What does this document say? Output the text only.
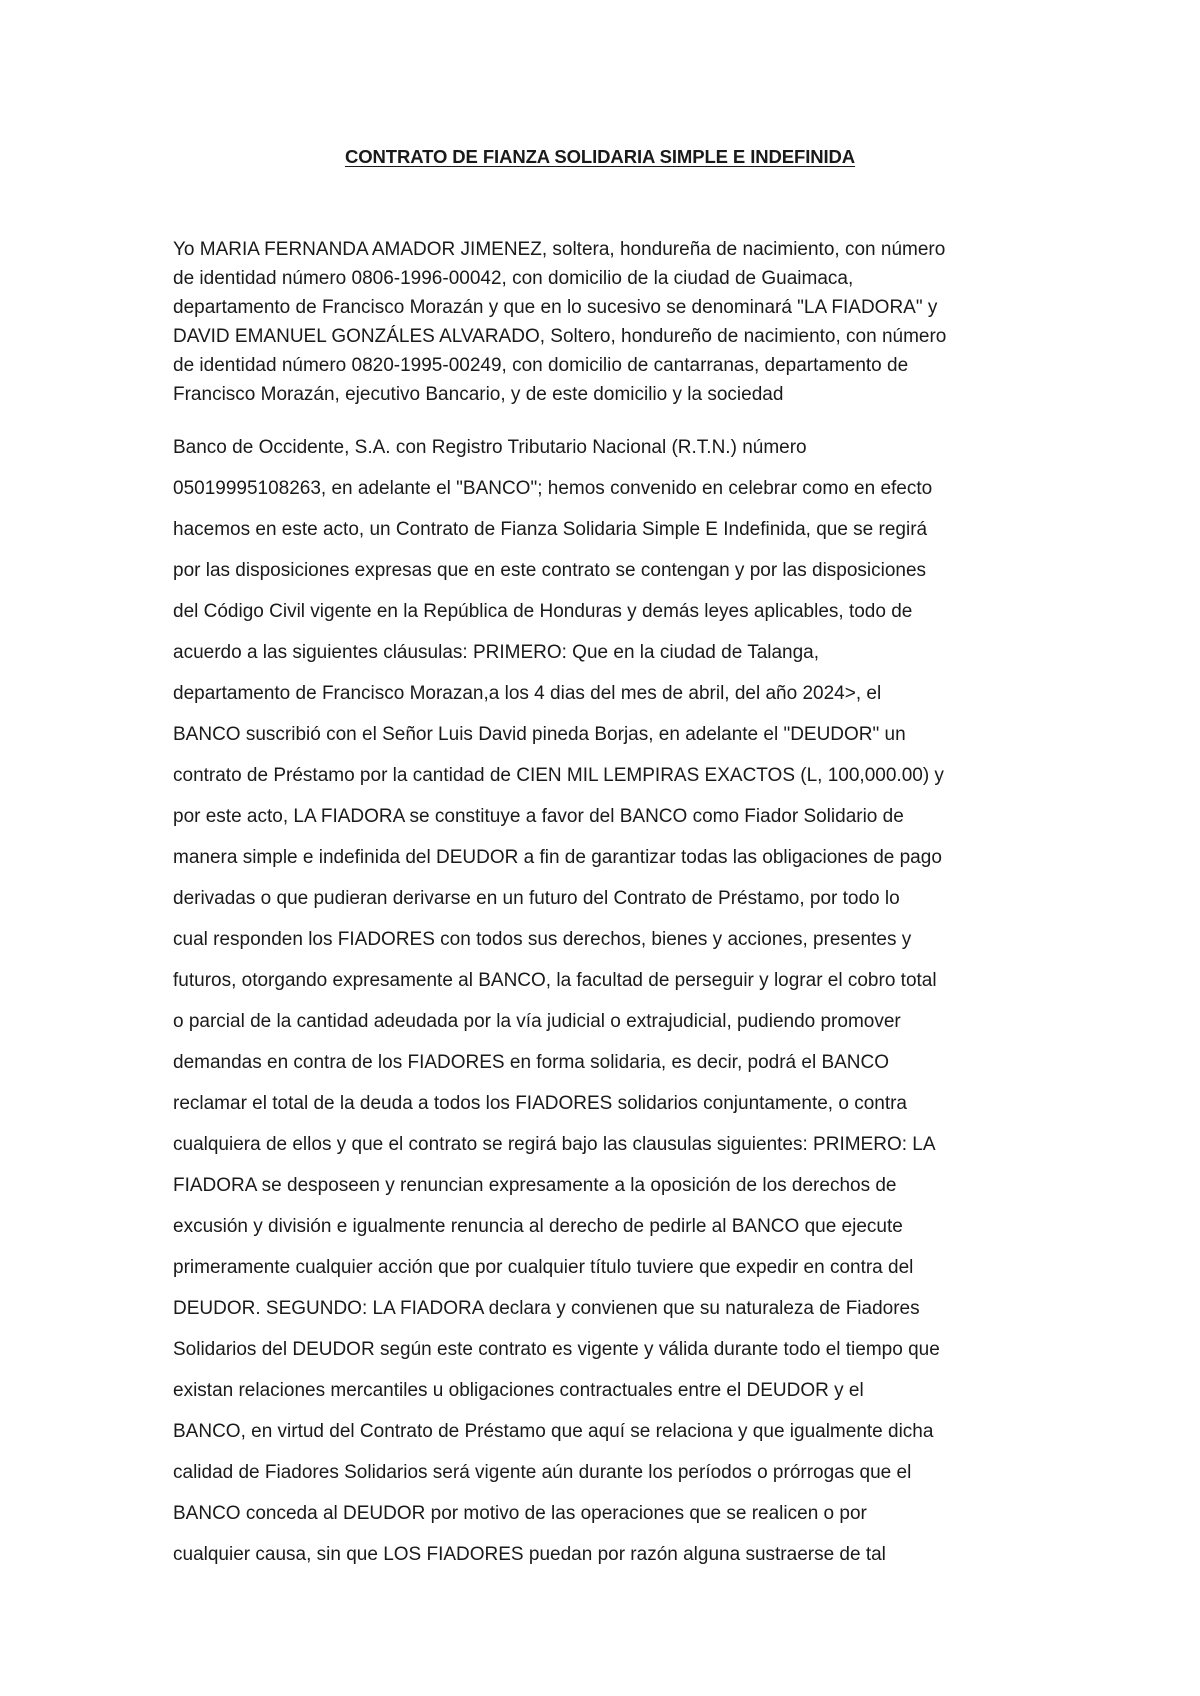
CONTRATO DE FIANZA SOLIDARIA SIMPLE E INDEFINIDA

Yo MARIA FERNANDA AMADOR JIMENEZ, soltera, hondureña de nacimiento, con número
de identidad número 0806-1996-00042, con domicilio de la ciudad de Guaimaca,
departamento de Francisco Morazán y que en lo sucesivo se denominará "LA FIADORA" y
DAVID EMANUEL GONZÁLES ALVARADO, Soltero, hondureño de nacimiento, con número
de identidad número 0820-1995-00249, con domicilio de cantarranas, departamento de
Francisco Morazán, ejecutivo Bancario, y de este domicilio y la sociedad

Banco de Occidente, S.A. con Registro Tributario Nacional (R.T.N.) número
05019995108263, en adelante el "BANCO"; hemos convenido en celebrar como en efecto
hacemos en este acto, un Contrato de Fianza Solidaria Simple E Indefinida, que se regirá
por las disposiciones expresas que en este contrato se contengan y por las disposiciones
del Código Civil vigente en la República de Honduras y demás leyes aplicables, todo de
acuerdo a las siguientes cláusulas: PRIMERO: Que en la ciudad de Talanga,
departamento de Francisco Morazan,a los 4 dias del mes de abril, del año 2024>, el
BANCO suscribió con el Señor Luis David pineda Borjas, en adelante el "DEUDOR" un
contrato de Préstamo por la cantidad de CIEN MIL LEMPIRAS EXACTOS (L, 100,000.00) y
por este acto, LA FIADORA se constituye a favor del BANCO como Fiador Solidario de
manera simple e indefinida del DEUDOR a fin de garantizar todas las obligaciones de pago
derivadas o que pudieran derivarse en un futuro del Contrato de Préstamo, por todo lo
cual responden los FIADORES con todos sus derechos, bienes y acciones, presentes y
futuros, otorgando expresamente al BANCO, la facultad de perseguir y lograr el cobro total
o parcial de la cantidad adeudada por la vía judicial o extrajudicial, pudiendo promover
demandas en contra de los FIADORES en forma solidaria, es decir, podrá el BANCO
reclamar el total de la deuda a todos los FIADORES solidarios conjuntamente, o contra
cualquiera de ellos y que el contrato se regirá bajo las clausulas siguientes: PRIMERO: LA
FIADORA se desposeen y renuncian expresamente a la oposición de los derechos de
excusión y división e igualmente renuncia al derecho de pedirle al BANCO que ejecute
primeramente cualquier acción que por cualquier título tuviere que expedir en contra del
DEUDOR. SEGUNDO: LA FIADORA declara y convienen que su naturaleza de Fiadores
Solidarios del DEUDOR según este contrato es vigente y válida durante todo el tiempo que
existan relaciones mercantiles u obligaciones contractuales entre el DEUDOR y el
BANCO, en virtud del Contrato de Préstamo que aquí se relaciona y que igualmente dicha
calidad de Fiadores Solidarios será vigente aún durante los períodos o prórrogas que el
BANCO conceda al DEUDOR por motivo de las operaciones que se realicen o por
cualquier causa, sin que LOS FIADORES puedan por razón alguna sustraerse de tal
